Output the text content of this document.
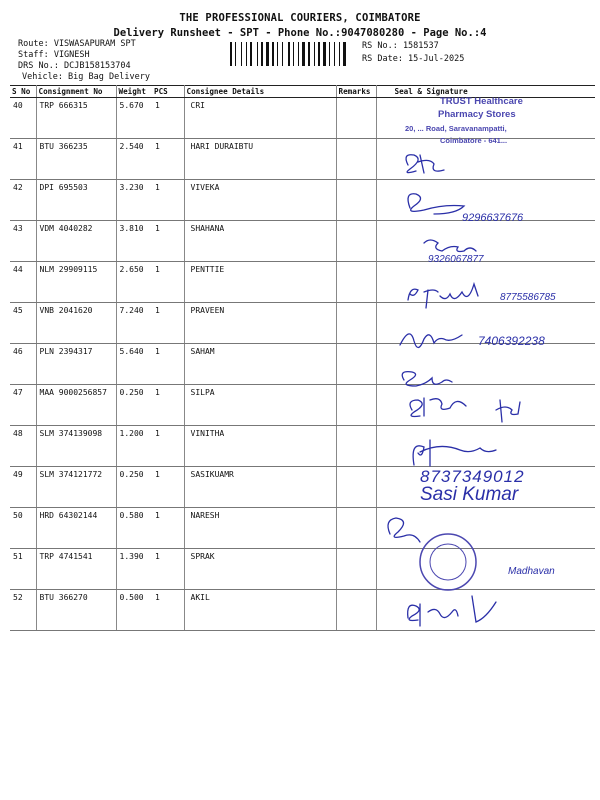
THE PROFESSIONAL COURIERS, COIMBATORE
Delivery Runsheet - SPT - Phone No.:9047080280 - Page No.:4
Route: VISWASAPURAM SPT
Staff: VIGNESH
DRS No.: DCJB158153704
Vehicle: Big Bag Delivery
RS No.: 1581537
RS Date: 15-Jul-2025
S No	Consignment No	Weight	PCS	Consignee Details	Remarks	Seal & Signature
40	TRP 666315	5.670	1	CRI		
41	BTU 366235	2.540	1	HARI DURAIBTU		
42	DPI 695503	3.230	1	VIVEKA		
43	VDM 4040282	3.810	1	SHAHANA		
44	NLM 29909115	2.650	1	PENTTIE		
45	VNB 2041620	7.240	1	PRAVEEN		
46	PLN 2394317	5.640	1	SAHAM		
47	MAA 9000256857	0.250	1	SILPA		
48	SLM 374139098	1.200	1	VINITHA		
49	SLM 374121772	0.250	1	SASIKUAMR		
50	HRD 64302144	0.580	1	NARESH		
51	TRP 4741541	1.390	1	SPRAK		
52	BTU 366270	0.500	1	AKIL		
TRUST Healthcare
Pharmacy Stores
20, ... Road, Saravanampatti,
Coimbatore - 641...
9296637676
9326067877
8775586785
7406392238
8737349012
Sasi Kumar
Madhavan
